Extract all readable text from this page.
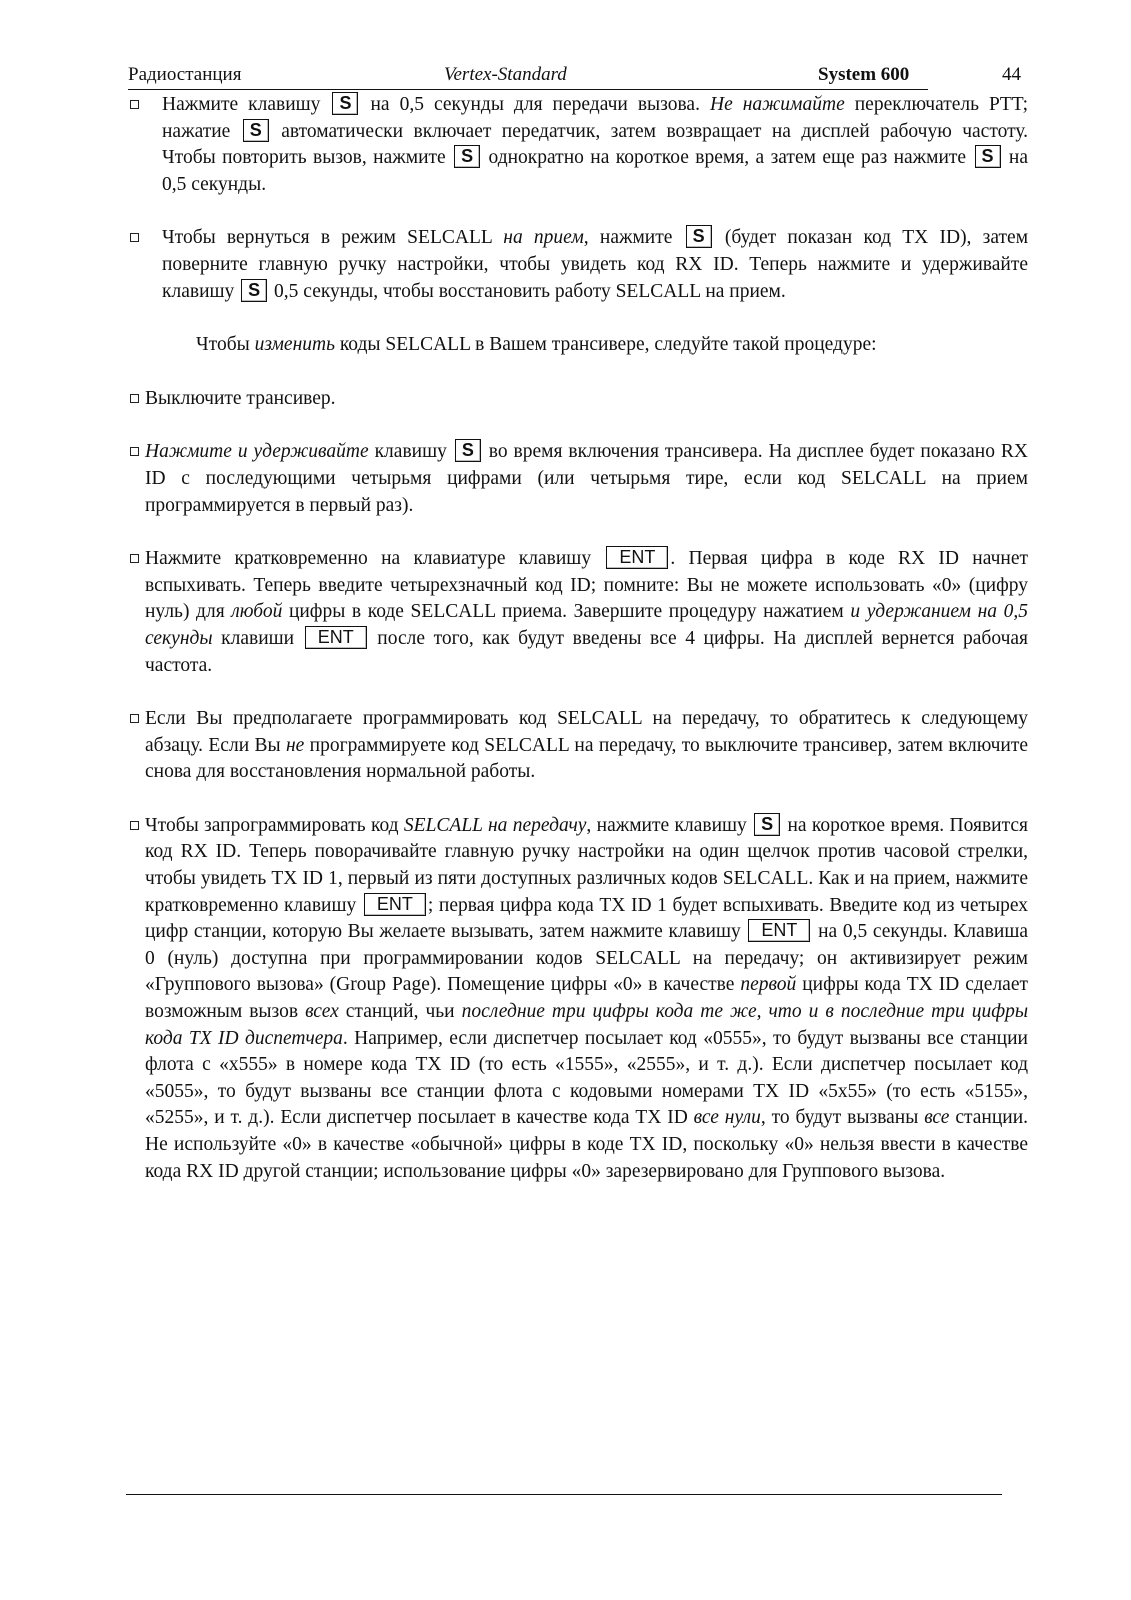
Радиостанция	Vertex-Standard	System 600	44

Нажмите клавишу S на 0,5 секунды для передачи вызова. Не нажимайте переключатель PTT; нажатие S автоматически включает передатчик, затем возвращает на дисплей рабочую частоту. Чтобы повторить вызов, нажмите S однократно на короткое время, а затем еще раз нажмите S на 0,5 секунды.

Чтобы вернуться в режим SELCALL на прием, нажмите S (будет показан код TX ID), затем поверните главную ручку настройки, чтобы увидеть код RX ID. Теперь нажмите и удерживайте клавишу S 0,5 секунды, чтобы восстановить работу SELCALL на прием.

Чтобы изменить коды SELCALL в Вашем трансивере, следуйте такой процедуре:

Выключите трансивер.

Нажмите и удерживайте клавишу S во время включения трансивера. На дисплее будет показано RX ID с последующими четырьмя цифрами (или четырьмя тире, если код SELCALL на прием программируется в первый раз).

Нажмите кратковременно на клавиатуре клавишу ENT . Первая цифра в коде RX ID начнет вспыхивать. Теперь введите четырехзначный код ID; помните: Вы не можете использовать «0» (цифру нуль) для любой цифры в коде SELCALL приема. Завершите процедуру нажатием и удержанием на 0,5 секунды клавиши ENT после того, как будут введены все 4 цифры. На дисплей вернется рабочая частота.

Если Вы предполагаете программировать код SELCALL на передачу, то обратитесь к следующему абзацу. Если Вы не программируете код SELCALL на передачу, то выключите трансивер, затем включите снова для восстановления нормальной работы.

Чтобы запрограммировать код SELCALL на передачу, нажмите клавишу S на короткое время. Появится код RX ID. Теперь поворачивайте главную ручку настройки на один щелчок против часовой стрелки, чтобы увидеть TX ID 1, первый из пяти доступных различных кодов SELCALL. Как и на прием, нажмите кратковременно клавишу ENT ; первая цифра кода TX ID 1 будет вспыхивать. Введите код из четырех цифр станции, которую Вы желаете вызывать, затем нажмите клавишу ENT на 0,5 секунды. Клавиша 0 (нуль) доступна при программировании кодов SELCALL на передачу; он активизирует режим «Группового вызова» (Group Page). Помещение цифры «0» в качестве первой цифры кода TX ID сделает возможным вызов всех станций, чьи последние три цифры кода те же, что и в последние три цифры кода TX ID диспетчера. Например, если диспетчер посылает код «0555», то будут вызваны все станции флота с «x555» в номере кода TX ID (то есть «1555», «2555», и т. д.). Если диспетчер посылает код «5055», то будут вызваны все станции флота с кодовыми номерами TX ID «5x55» (то есть «5155», «5255», и т. д.). Если диспетчер посылает в качестве кода TX ID все нули, то будут вызваны все станции. Не используйте «0» в качестве «обычной» цифры в коде TX ID, поскольку «0» нельзя ввести в качестве кода RX ID другой станции; использование цифры «0» зарезервировано для Группового вызова.
